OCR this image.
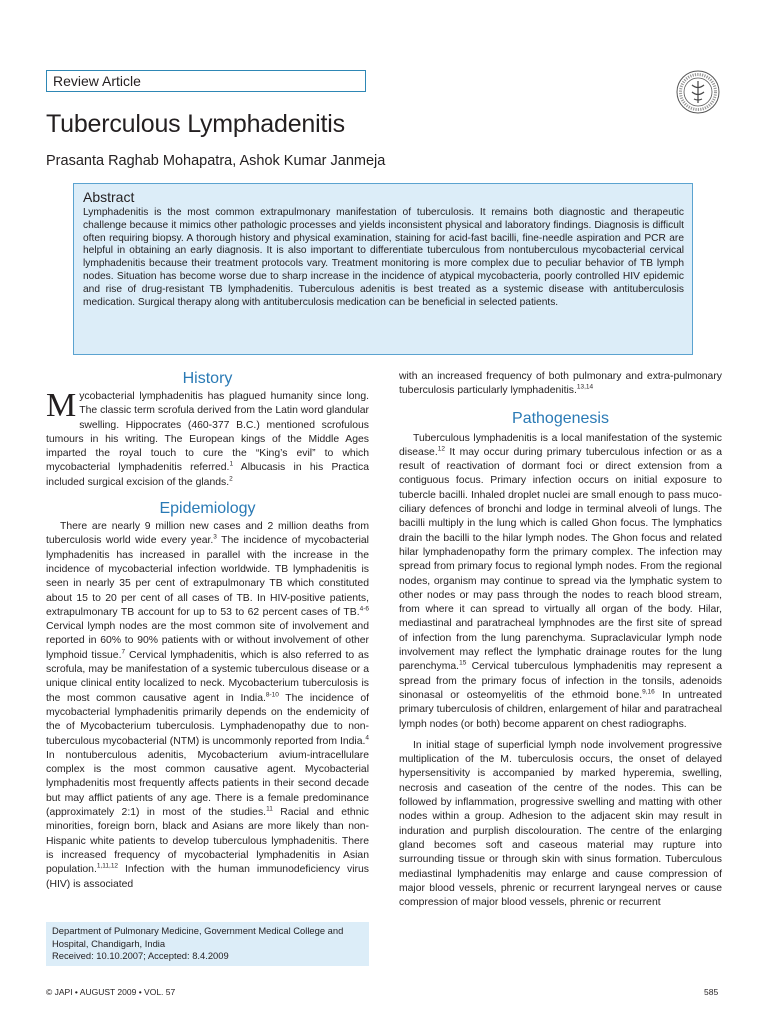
Review Article
Tuberculous Lymphadenitis
Prasanta Raghab Mohapatra, Ashok Kumar Janmeja
Abstract

Lymphadenitis is the most common extrapulmonary manifestation of tuberculosis. It remains both diagnostic and therapeutic challenge because it mimics other pathologic processes and yields inconsistent physical and laboratory findings. Diagnosis is difficult often requiring biopsy. A thorough history and physical examination, staining for acid-fast bacilli, fine-needle aspiration and PCR are helpful in obtaining an early diagnosis. It is also important to differentiate tuberculous from nontuberculous mycobacterial cervical lymphadenitis because their treatment protocols vary. Treatment monitoring is more complex due to peculiar behavior of TB lymph nodes. Situation has become worse due to sharp increase in the incidence of atypical mycobacteria, poorly controlled HIV epidemic and rise of drug-resistant TB lymphadenitis. Tuberculous adenitis is best treated as a systemic disease with antituberculosis medication. Surgical therapy along with antituberculosis medication can be beneficial in selected patients.

History

Mycobacterial lymphadenitis has plagued humanity since long. The classic term scrofula derived from the Latin word glandular swelling. Hippocrates (460-377 B.C.) mentioned scrofulous tumours in his writing. The European kings of the Middle Ages imparted the royal touch to cure the “King’s evil” to which mycobacterial lymphadenitis referred.$^1$ Albucasis in his Practica included surgical excision of the glands.$^2$

Epidemiology

There are nearly 9 million new cases and 2 million deaths from tuberculosis world wide every year.$^3$ The incidence of mycobacterial lymphadenitis has increased in parallel with the increase in the incidence of mycobacterial infection worldwide. TB lymphadenitis is seen in nearly 35 per cent of extrapulmonary TB which constituted about 15 to 20 per cent of all cases of TB. In HIV-positive patients, extrapulmonary TB account for up to 53 to 62 percent cases of TB.$^{4-6}$ Cervical lymph nodes are the most common site of involvement and reported in 60% to 90% patients with or without involvement of other lymphoid tissue.$^7$ Cervical lymphadenitis, which is also referred to as scrofula, may be manifestation of a systemic tuberculous disease or a unique clinical entity localized to neck. Mycobacterium tuberculosis is the most common causative agent in India.$^{8-10}$ The incidence of mycobacterial lymphadenitis primarily depends on the endemicity of the of Mycobacterium tuberculosis. Lymphadenopathy due to non-tuberculous mycobacterial (NTM) is uncommonly reported from India.$^4$ In nontuberculous adenitis, Mycobacterium avium-intracellulare complex is the most common causative agent. Mycobacterial lymphadenitis most frequently affects patients in their second decade but may afflict patients of any age. There is a female predominance (approximately 2:1) in most of the studies.$^{11}$ Racial and ethnic minorities, foreign born, black and Asians are more likely than non-Hispanic white patients to develop tuberculous lymphadenitis. There is increased frequency of mycobacterial lymphadenitis in Asian population.$^{1,11,12}$ Infection with the human immunodeficiency virus (HIV) is associated

with an increased frequency of both pulmonary and extra-pulmonary tuberculosis particularly lymphadenitis.$^{13,14}$

Pathogenesis

Tuberculous lymphadenitis is a local manifestation of the systemic disease.$^{12}$ It may occur during primary tuberculous infection or as a result of reactivation of dormant foci or direct extension from a contiguous focus. Primary infection occurs on initial exposure to tubercle bacilli. Inhaled droplet nuclei are small enough to pass muco-ciliary defences of bronchi and lodge in terminal alveoli of lungs. The bacilli multiply in the lung which is called Ghon focus. The lymphatics drain the bacilli to the hilar lymph nodes. The Ghon focus and related hilar lymphadenopathy form the primary complex. The infection may spread from primary focus to regional lymph nodes. From the regional nodes, organism may continue to spread via the lymphatic system to other nodes or may pass through the nodes to reach blood stream, from where it can spread to virtually all organ of the body. Hilar, mediastinal and paratracheal lymphnodes are the first site of spread of infection from the lung parenchyma. Supraclavicular lymph node involvement may reflect the lymphatic drainage routes for the lung parenchyma.$^{15}$ Cervical tuberculous lymphadenitis may represent a spread from the primary focus of infection in the tonsils, adenoids sinonasal or osteomyelitis of the ethmoid bone.$^{9,16}$ In untreated primary tuberculosis of children, enlargement of hilar and paratracheal lymph nodes (or both) become apparent on chest radiographs.

In initial stage of superficial lymph node involvement progressive multiplication of the M. tuberculosis occurs, the onset of delayed hypersensitivity is accompanied by marked hyperemia, swelling, necrosis and caseation of the centre of the nodes. This can be followed by inflammation, progressive swelling and matting with other nodes within a group. Adhesion to the adjacent skin may result in induration and purplish discolouration. The centre of the enlarging gland becomes soft and caseous material may rupture into surrounding tissue or through skin with sinus formation. Tuberculous mediastinal lymphadenitis may enlarge and cause compression of major blood vessels, phrenic or recurrent laryngeal nerves or cause compression of major blood vessels, phrenic or recurrent

Department of Pulmonary Medicine, Government Medical College and Hospital, Chandigarh, India
Received: 10.10.2007; Accepted: 8.4.2009
© JAPI • AUGUST 2009 • VOL. 57	585
